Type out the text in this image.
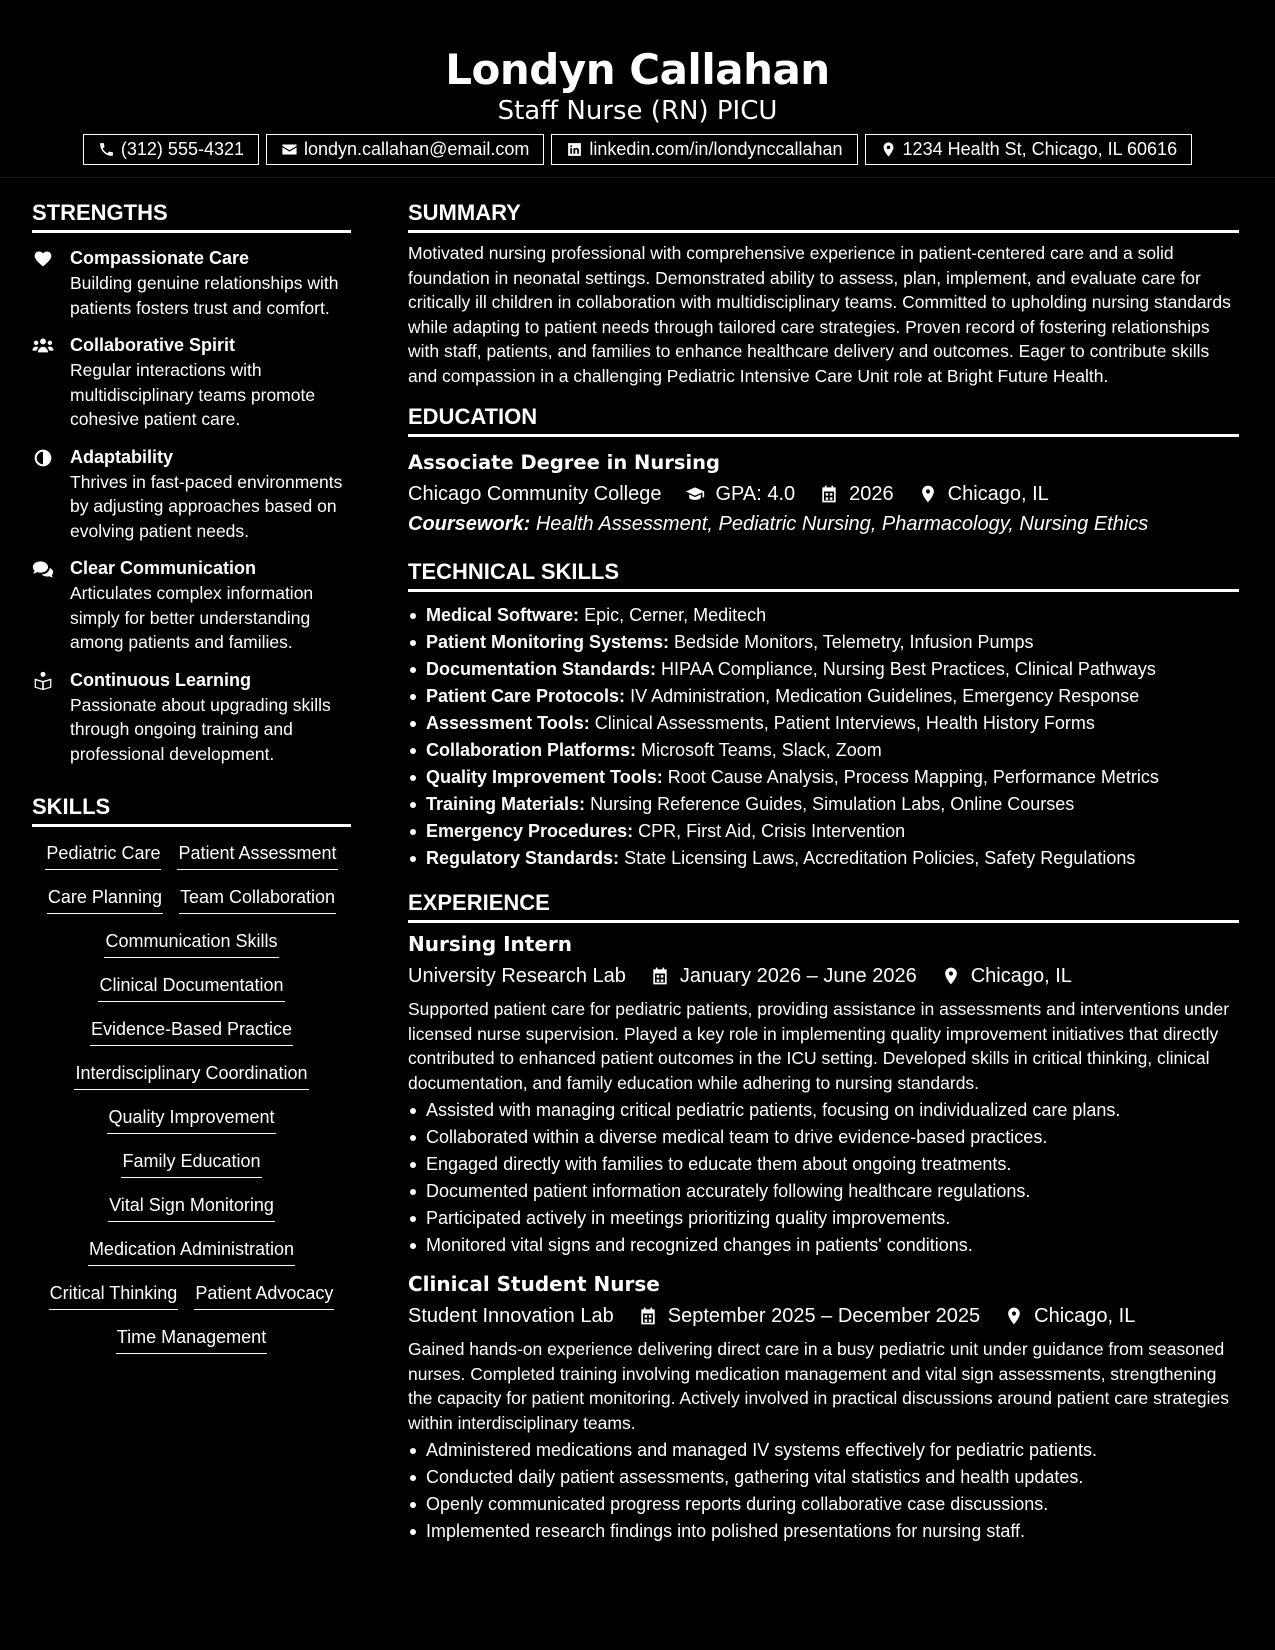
Londyn Callahan
Staff Nurse (RN) PICU
(312) 555-4321	londyn.callahan@email.com	linkedin.com/in/londynccallahan	1234 Health St, Chicago, IL 60616
STRENGTHS
Compassionate Care
Building genuine relationships with patients fosters trust and comfort.
Collaborative Spirit
Regular interactions with multidisciplinary teams promote cohesive patient care.
Adaptability
Thrives in fast-paced environments by adjusting approaches based on evolving patient needs.
Clear Communication
Articulates complex information simply for better understanding among patients and families.
Continuous Learning
Passionate about upgrading skills through ongoing training and professional development.
SKILLS
Pediatric Care Patient Assessment
Care Planning Team Collaboration
Communication Skills
Clinical Documentation
Evidence-Based Practice
Interdisciplinary Coordination
Quality Improvement
Family Education
Vital Sign Monitoring
Medication Administration
Critical Thinking Patient Advocacy
Time Management
SUMMARY
Motivated nursing professional with comprehensive experience in patient-centered care and a solid foundation in neonatal settings. Demonstrated ability to assess, plan, implement, and evaluate care for critically ill children in collaboration with multidisciplinary teams. Committed to upholding nursing standards while adapting to patient needs through tailored care strategies. Proven record of fostering relationships with staff, patients, and families to enhance healthcare delivery and outcomes. Eager to contribute skills and compassion in a challenging Pediatric Intensive Care Unit role at Bright Future Health.
EDUCATION
Associate Degree in Nursing
Chicago Community College	GPA: 4.0	2026	Chicago, IL
Coursework: Health Assessment, Pediatric Nursing, Pharmacology, Nursing Ethics
TECHNICAL SKILLS
Medical Software: Epic, Cerner, Meditech
Patient Monitoring Systems: Bedside Monitors, Telemetry, Infusion Pumps
Documentation Standards: HIPAA Compliance, Nursing Best Practices, Clinical Pathways
Patient Care Protocols: IV Administration, Medication Guidelines, Emergency Response
Assessment Tools: Clinical Assessments, Patient Interviews, Health History Forms
Collaboration Platforms: Microsoft Teams, Slack, Zoom
Quality Improvement Tools: Root Cause Analysis, Process Mapping, Performance Metrics
Training Materials: Nursing Reference Guides, Simulation Labs, Online Courses
Emergency Procedures: CPR, First Aid, Crisis Intervention
Regulatory Standards: State Licensing Laws, Accreditation Policies, Safety Regulations
EXPERIENCE
Nursing Intern
University Research Lab	January 2026 – June 2026	Chicago, IL
Supported patient care for pediatric patients, providing assistance in assessments and interventions under licensed nurse supervision. Played a key role in implementing quality improvement initiatives that directly contributed to enhanced patient outcomes in the ICU setting. Developed skills in critical thinking, clinical documentation, and family education while adhering to nursing standards.
Assisted with managing critical pediatric patients, focusing on individualized care plans.
Collaborated within a diverse medical team to drive evidence-based practices.
Engaged directly with families to educate them about ongoing treatments.
Documented patient information accurately following healthcare regulations.
Participated actively in meetings prioritizing quality improvements.
Monitored vital signs and recognized changes in patients' conditions.
Clinical Student Nurse
Student Innovation Lab	September 2025 – December 2025	Chicago, IL
Gained hands-on experience delivering direct care in a busy pediatric unit under guidance from seasoned nurses. Completed training involving medication management and vital sign assessments, strengthening the capacity for patient monitoring. Actively involved in practical discussions around patient care strategies within interdisciplinary teams.
Administered medications and managed IV systems effectively for pediatric patients.
Conducted daily patient assessments, gathering vital statistics and health updates.
Openly communicated progress reports during collaborative case discussions.
Implemented research findings into polished presentations for nursing staff.
